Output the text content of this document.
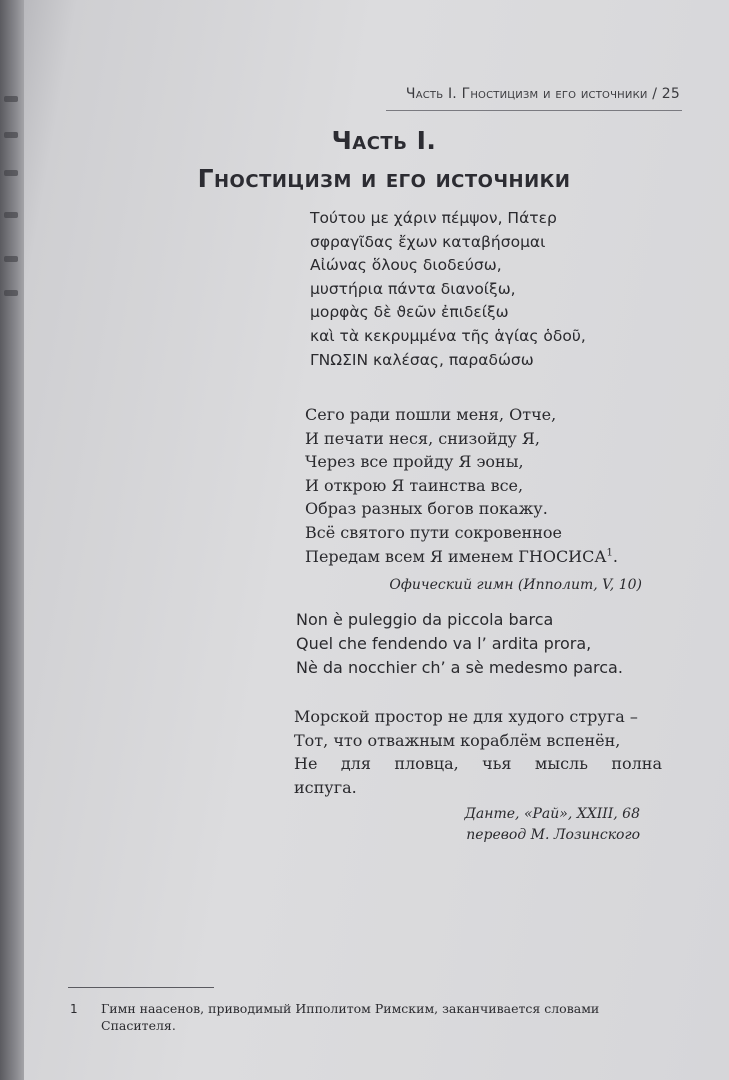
Часть I. Гностицизм и его источники / 25
Часть I.
Гностицизм и его источники
Τούτου με χάριν πέμψον, Πάτερ
σφραγῖδας ἔχων καταβήσομαι
Αἰώνας ὅλους διοδεύσω,
μυστήρια πάντα διανοίξω,
μορφὰς δὲ ϑεῶν ἐπιδείξω
καὶ τὰ κεκρυμμένα τῆς ἁγίας ὁδοῦ,
ΓΝΩΣΙΝ καλέσας, παραδώσω
Сего ради пошли меня, Отче,
И печати неся, снизойду Я,
Через все пройду Я эоны,
И открою Я таинства все,
Образ разных богов покажу.
Всё святого пути сокровенное
Передам всем Я именем ГНОСИСА$^1$.
Офический гимн (Ипполит, V, 10)
Non è puleggio da piccola barca
Quel che fendendo va l’ ardita prora,
Nè da nocchier ch’ a sè medesmo parca.
Морской простор не для худого струга –
Тот, что отважным кораблём вспенён,
Не для пловца, чья мысль полна
испуга.
Данте, «Рай», XXIII, 68
перевод М. Лозинского
1 Гимн наасенов, приводимый Ипполитом Римским, заканчивается словами Спасителя.
